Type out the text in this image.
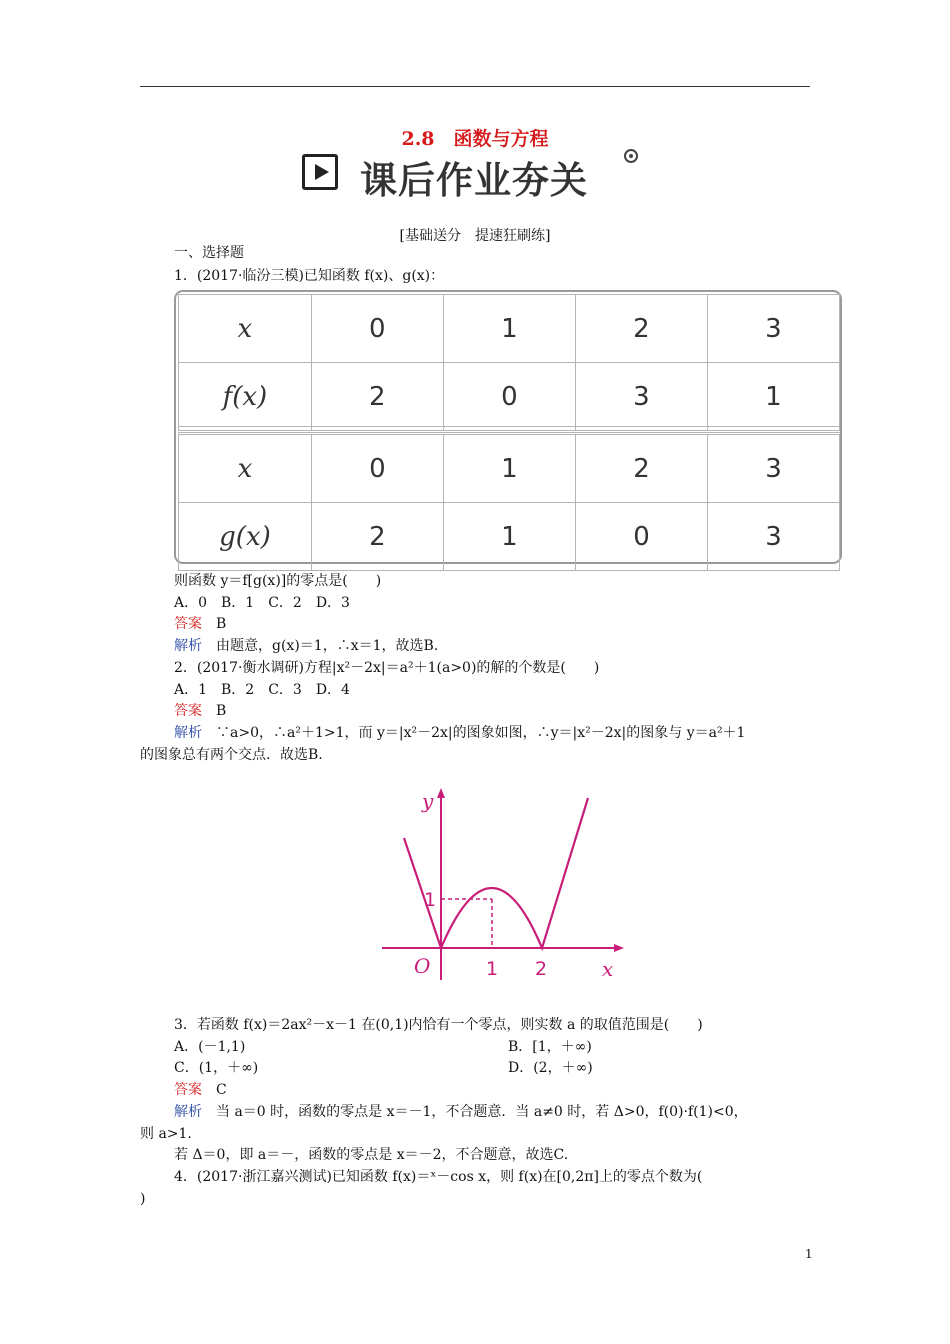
2.8　函数与方程
课后作业夯关
[基础送分　提速狂刷练]
一、选择题
1．(2017·临汾三模)已知函数 f(x)、g(x)：
x	0	1	2	3
f(x)	2	0	3	1
x	0	1	2	3
g(x)	2	1	0	3
则函数 y＝f[g(x)]的零点是(　　)
A．0　B．1　C．2　D．3
答案　 B
解析　 由题意，g(x)＝1，∴x＝1，故选B.
2．(2017·衡水调研)方程|x²－2x|＝a²＋1(a>0)的解的个数是(　　)
A．1　B．2　C．3　D．4
答案　 B
解析　 ∵a>0，∴a²＋1>1，而 y＝|x²－2x|的图象如图，∴y＝|x²－2x|的图象与 y＝a²＋1
的图象总有两个交点．故选B.
y
x
O
1
1 2
3．若函数 f(x)＝2ax²－x－1 在(0,1)内恰有一个零点，则实数 a 的取值范围是(　　)
A．(－1,1)	B．[1，＋∞)
C．(1，＋∞)	D．(2，＋∞)
答案　 C
解析　 当 a＝0 时，函数的零点是 x＝－1，不合题意．当 a≠0 时，若 Δ>0，f(0)·f(1)<0，
则 a>1.
若 Δ＝0，即 a＝－，函数的零点是 x＝－2，不合题意，故选C.
4．(2017·浙江嘉兴测试)已知函数 f(x)＝ˣ－cos x，则 f(x)在[0,2π]上的零点个数为(
)
1
